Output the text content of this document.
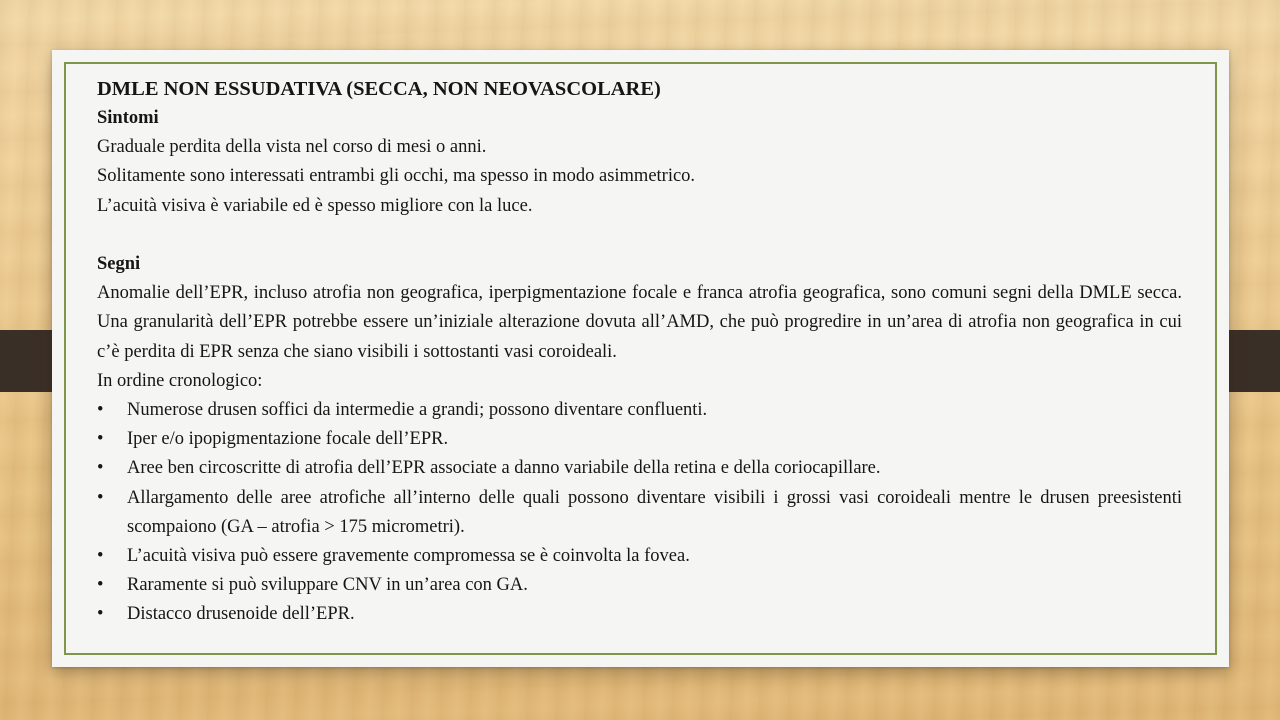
DMLE NON ESSUDATIVA (SECCA, NON NEOVASCOLARE)

Sintomi

Graduale perdita della vista nel corso di mesi o anni.

Solitamente sono interessati entrambi gli occhi, ma spesso in modo asimmetrico.

L’acuità visiva è variabile ed è spesso migliore con la luce.

Segni

Anomalie dell’EPR, incluso atrofia non geografica, iperpigmentazione focale e franca atrofia geografica, sono comuni segni della DMLE secca. Una granularità dell’EPR potrebbe essere un’iniziale alterazione dovuta all’AMD, che può progredire in un’area di atrofia non geografica in cui c’è perdita di EPR senza che siano visibili i sottostanti vasi coroideali.

In ordine cronologico:

• Numerose drusen soffici da intermedie a grandi; possono diventare confluenti.
• Iper e/o ipopigmentazione focale dell’EPR.
• Aree ben circoscritte di atrofia dell’EPR associate a danno variabile della retina e della coriocapillare.
• Allargamento delle aree atrofiche all’interno delle quali possono diventare visibili i grossi vasi coroideali mentre le drusen preesistenti scompaiono (GA – atrofia > 175 micrometri).
• L’acuità visiva può essere gravemente compromessa se è coinvolta la fovea.
• Raramente si può sviluppare CNV in un’area con GA.
• Distacco drusenoide dell’EPR.
